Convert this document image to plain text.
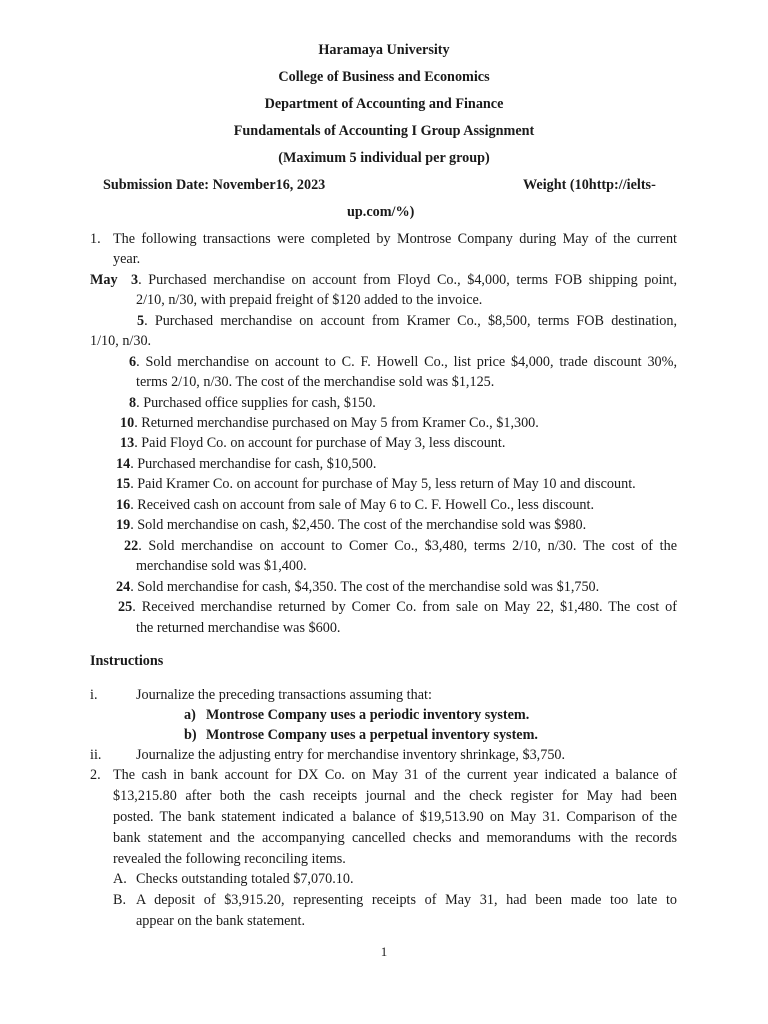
Haramaya University
College of Business and Economics
Department of Accounting and Finance
Fundamentals of Accounting I Group Assignment
(Maximum 5 individual per group)
Submission Date: November16, 2023	Weight (10http://ielts-
up.com/%)
1. The following transactions were completed by Montrose Company during May of the current
year.
May 3. Purchased merchandise on account from Floyd Co., $4,000, terms FOB shipping point,
2/10, n/30, with prepaid freight of $120 added to the invoice.
5. Purchased merchandise on account from Kramer Co., $8,500, terms FOB destination,
1/10, n/30.
6. Sold merchandise on account to C. F. Howell Co., list price $4,000, trade discount 30%,
terms 2/10, n/30. The cost of the merchandise sold was $1,125.
8. Purchased office supplies for cash, $150.
10. Returned merchandise purchased on May 5 from Kramer Co., $1,300.
13. Paid Floyd Co. on account for purchase of May 3, less discount.
14. Purchased merchandise for cash, $10,500.
15. Paid Kramer Co. on account for purchase of May 5, less return of May 10 and discount.
16. Received cash on account from sale of May 6 to C. F. Howell Co., less discount.
19. Sold merchandise on cash, $2,450. The cost of the merchandise sold was $980.
22. Sold merchandise on account to Comer Co., $3,480, terms 2/10, n/30. The cost of the
merchandise sold was $1,400.
24. Sold merchandise for cash, $4,350. The cost of the merchandise sold was $1,750.
25. Received merchandise returned by Comer Co. from sale on May 22, $1,480. The cost of
the returned merchandise was $600.
Instructions
i.	Journalize the preceding transactions assuming that:
a) Montrose Company uses a periodic inventory system.
b) Montrose Company uses a perpetual inventory system.
ii. Journalize the adjusting entry for merchandise inventory shrinkage, $3,750.
2. The cash in bank account for DX Co. on May 31 of the current year indicated a balance of
$13,215.80 after both the cash receipts journal and the check register for May had been
posted. The bank statement indicated a balance of $19,513.90 on May 31. Comparison of the
bank statement and the accompanying cancelled checks and memorandums with the records
revealed the following reconciling items.
A. Checks outstanding totaled $7,070.10.
B. A deposit of $3,915.20, representing receipts of May 31, had been made too late to
appear on the bank statement.
1
